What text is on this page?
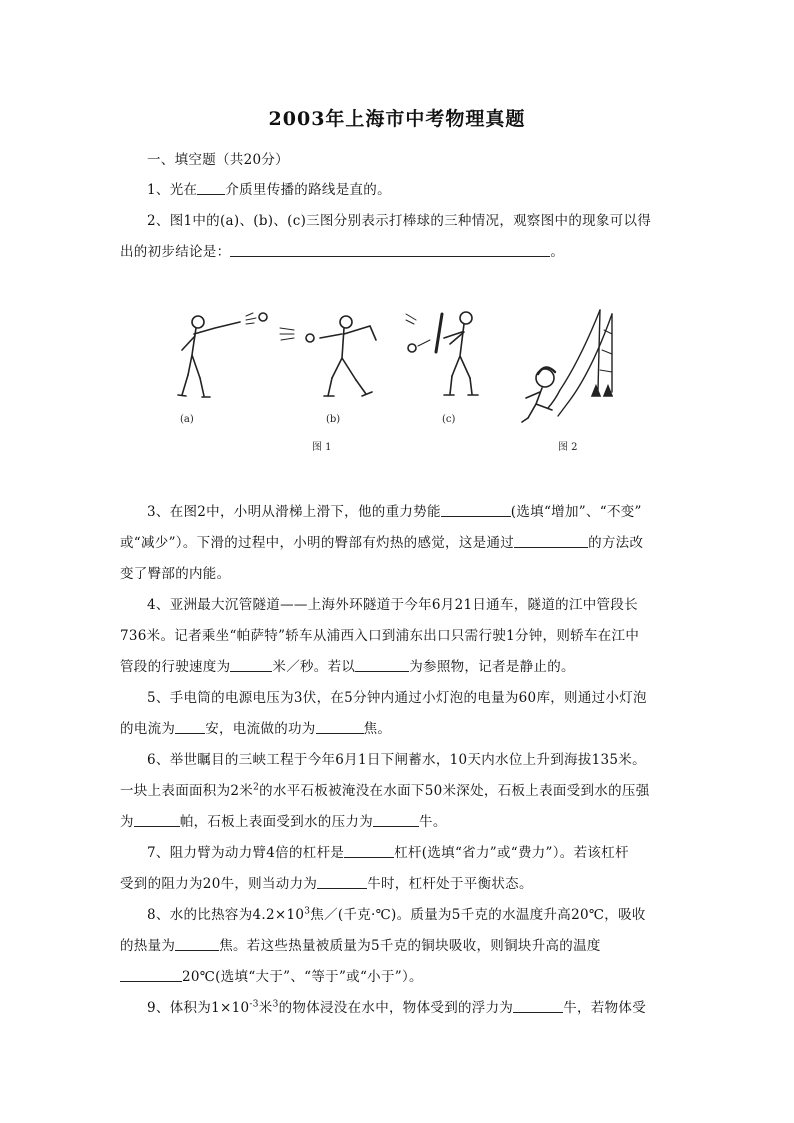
2003年上海市中考物理真题
一、填空题（共20分）
1、光在 介质里传播的路线是直的。
2、图1中的(a)、(b)、(c)三图分别表示打棒球的三种情况，观察图中的现象可以得
出的初步结论是：	。
(a)	(b)	(c)
图 1	图 2
3、在图2中，小明从滑梯上滑下，他的重力势能	(选填“增加”、“不变”
或“减少”）。下滑的过程中，小明的臀部有灼热的感觉，这是通过	的方法改
变了臀部的内能。
4、亚洲最大沉管隧道——上海外环隧道于今年6月21日通车，隧道的江中管段长
736米。记者乘坐“帕萨特”轿车从浦西入口到浦东出口只需行驶1分钟，则轿车在江中
管段的行驶速度为	米／秒。若以	为参照物，记者是静止的。
5、手电筒的电源电压为3伏，在5分钟内通过小灯泡的电量为60库，则通过小灯泡
的电流为 安，电流做的功为	焦。
6、举世瞩目的三峡工程于今年6月1日下闸蓄水，10天内水位上升到海拔135米。
一块上表面面积为2米$^2$的水平石板被淹没在水面下50米深处，石板上表面受到水的压强
为	帕，石板上表面受到水的压力为	牛。
7、阻力臂为动力臂4倍的杠杆是	杠杆(选填“省力”或“费力”）。若该杠杆
受到的阻力为20牛，则当动力为	牛时，杠杆处于平衡状态。
8、水的比热容为$4.2\times 10^3$焦／(千克·℃)。质量为5千克的水温度升高20℃，吸收
的热量为	焦。若这些热量被质量为5千克的铜块吸收，则铜块升高的温度
20℃(选填“大于”、“等于”或“小于”）。
9、体积为$1\times 10^{-3}$米$^3$的物体浸没在水中，物体受到的浮力为	牛，若物体受
